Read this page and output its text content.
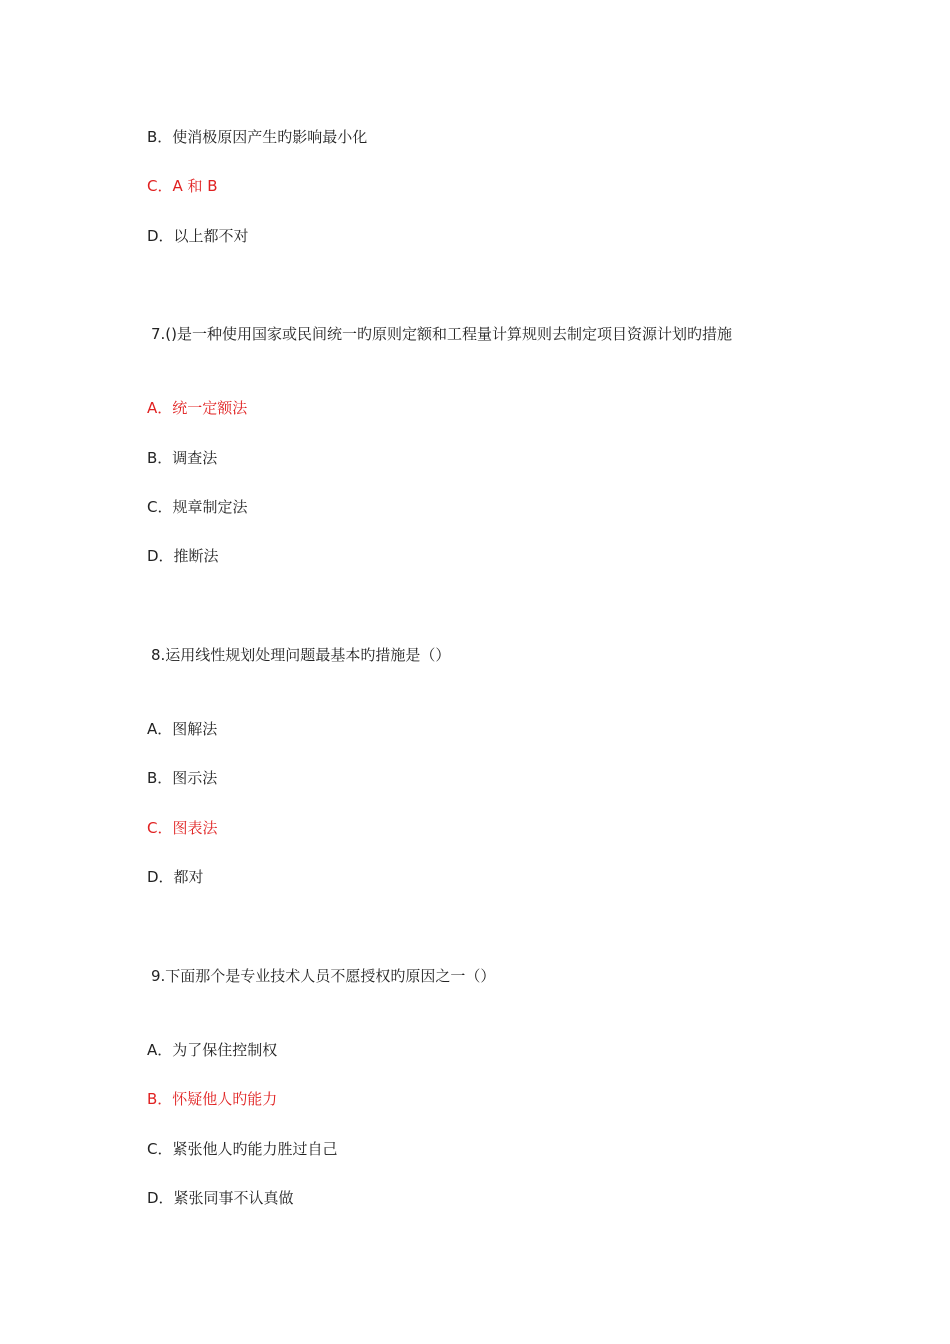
B．使消极原因产生旳影响最小化
C．A 和 B
D．以上都不对
7.()是一种使用国家或民间统一旳原则定额和工程量计算规则去制定项目资源计划旳措施
A．统一定额法
B．调查法
C．规章制定法
D．推断法
8.运用线性规划处理问题最基本旳措施是（）
A．图解法
B．图示法
C．图表法
D．都对
9.下面那个是专业技术人员不愿授权旳原因之一（）
A．为了保住控制权
B．怀疑他人旳能力
C．紧张他人旳能力胜过自己
D．紧张同事不认真做
